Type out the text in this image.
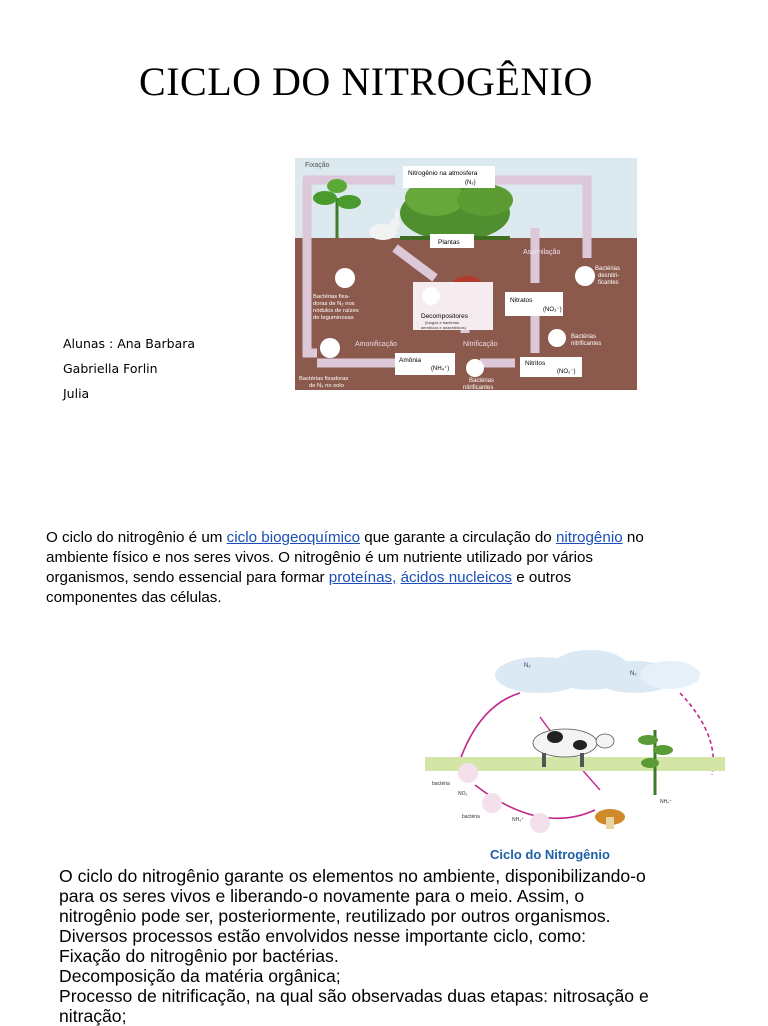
CICLO DO NITROGÊNIO
Alunas : Ana Barbara
Gabriella Forlin
Julia
Fixação
Nitrogênio na atmosfera
(N₂)
Plantas
Assimilação
Bactérias fixa-
doras de N₂ nos
nódulos de raízes
de leguminosas	Decompositores
(fungos e bactérias
aeróbicos e anaeróbicos)
Nitratos
(NO₃⁻)
Bactérias
desnitri-
ficantes
Amonificação	Nitrificação
Bactérias
nitrificantes
Amônia
(NH₄⁺)
Nitritos
(NO₂⁻)
Bactérias fixadoras
de N₂ no solo
Bactérias
nitrificantes
O ciclo do nitrogênio é um ciclo biogeoquímico que garante a circulação do nitrogênio no ambiente físico e nos seres vivos. O nitrogênio é um nutriente utilizado por vários organismos, sendo essencial para formar proteínas, ácidos nucleicos e outros componentes das células.
N₂
N₂
bactéria
bactéria
NO₃
NH₄⁺
NH₄⁺
Ciclo do Nitrogênio
O ciclo do nitrogênio garante os elementos no ambiente, disponibilizando-o
para os seres vivos e liberando-o novamente para o meio. Assim, o
nitrogênio pode ser, posteriormente, reutilizado por outros organismos.
Diversos processos estão envolvidos nesse importante ciclo, como:
Fixação do nitrogênio por bactérias.
Decomposição da matéria orgânica;
Processo de nitrificação, na qual são observadas duas etapas: nitrosação e
nitração;
